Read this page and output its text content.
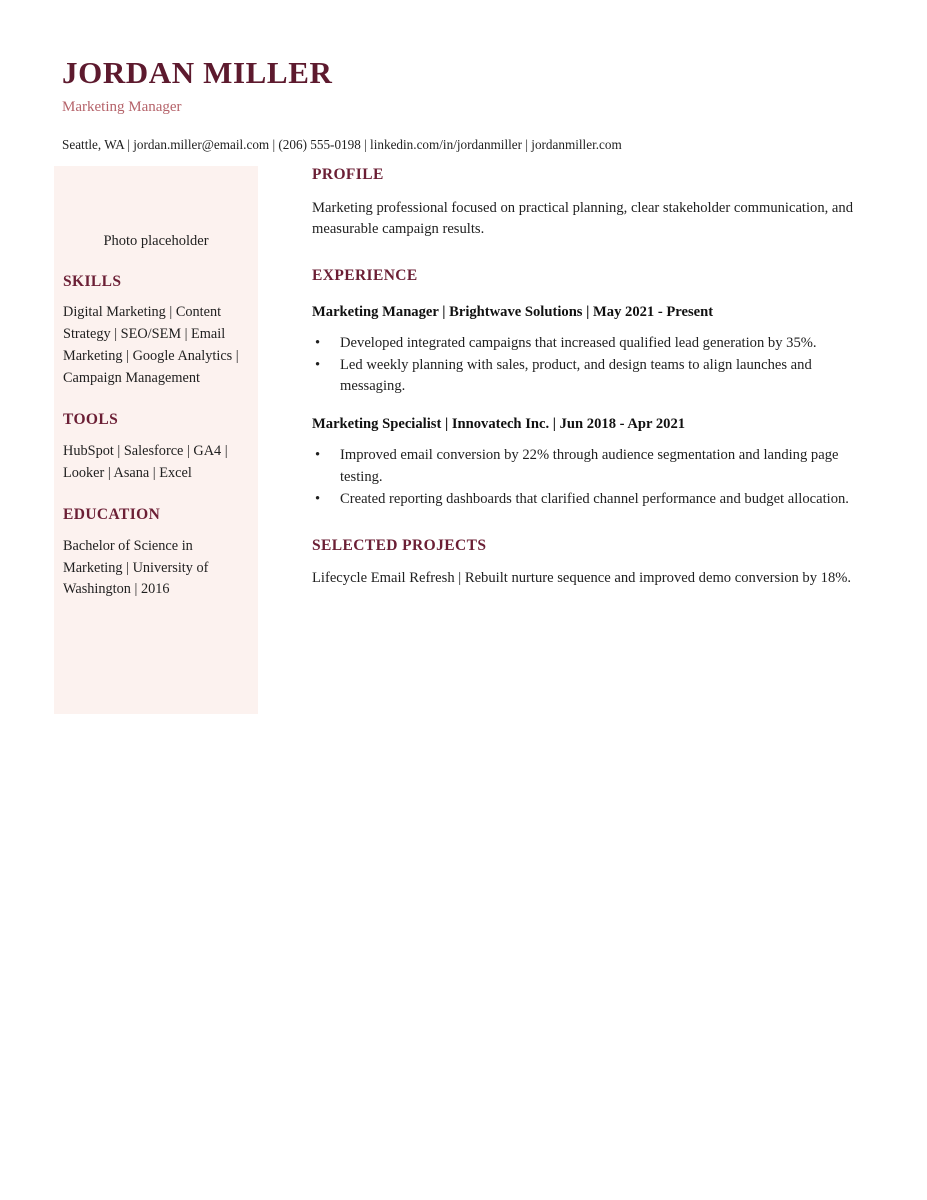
JORDAN MILLER
Marketing Manager
Seattle, WA | jordan.miller@email.com | (206) 555-0198 | linkedin.com/in/jordanmiller | jordanmiller.com
Photo placeholder
SKILLS
Digital Marketing | Content Strategy | SEO/SEM | Email Marketing | Google Analytics | Campaign Management
TOOLS
HubSpot | Salesforce | GA4 | Looker | Asana | Excel
EDUCATION
Bachelor of Science in Marketing | University of Washington | 2016
PROFILE

Marketing professional focused on practical planning, clear stakeholder communication, and measurable campaign results.

EXPERIENCE
Marketing Manager | Brightwave Solutions | May 2021 - Present
• Developed integrated campaigns that increased qualified lead generation by 35%.
• Led weekly planning with sales, product, and design teams to align launches and messaging.
Marketing Specialist | Innovatech Inc. | Jun 2018 - Apr 2021
• Improved email conversion by 22% through audience segmentation and landing page testing.
• Created reporting dashboards that clarified channel performance and budget allocation.
SELECTED PROJECTS

Lifecycle Email Refresh | Rebuilt nurture sequence and improved demo conversion by 18%.
